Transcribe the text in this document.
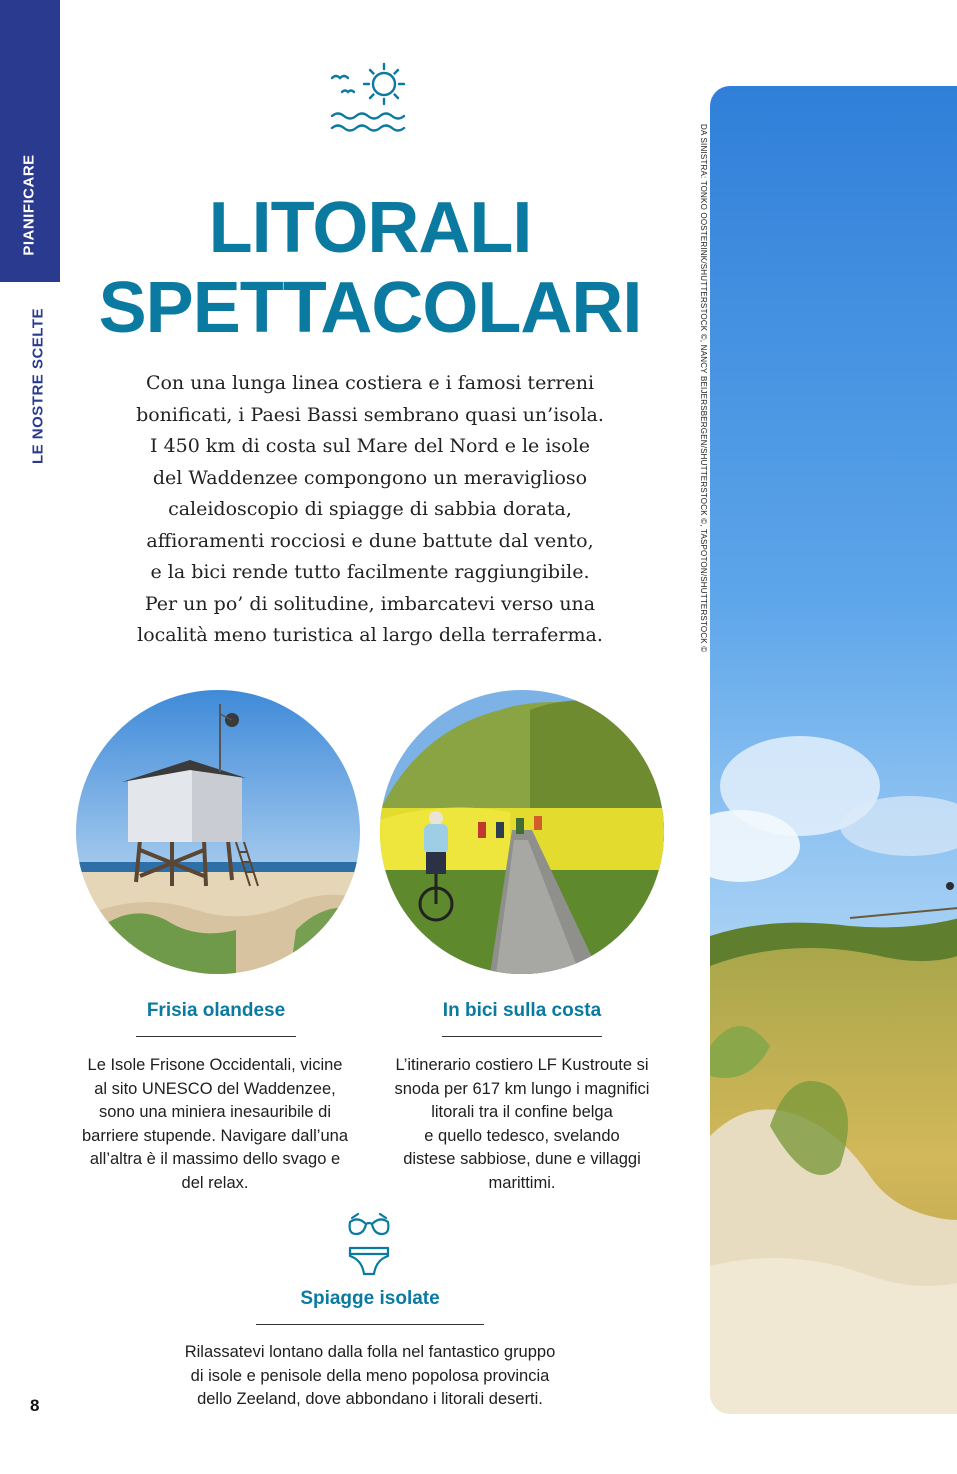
PIANIFICARE
LE NOSTRE SCELTE
LITORALI
SPETTACOLARI

Con una lunga linea costiera e i famosi terreni
bonificati, i Paesi Bassi sembrano quasi un’isola.
I 450 km di costa sul Mare del Nord e le isole
del Waddenzee compongono un meraviglioso
caleidoscopio di spiagge di sabbia dorata,
affioramenti rocciosi e dune battute dal vento,
e la bici rende tutto facilmente raggiungibile.
Per un po’ di solitudine, imbarcatevi verso una
località meno turistica al largo della terraferma.

Frisia olandese

Le Isole Frisone Occidentali, vicine
al sito UNESCO del Waddenzee,
sono una miniera inesauribile di
barriere stupende. Navigare dall’una
all’altra è il massimo dello svago e
del relax.

In bici sulla costa

L’itinerario costiero LF Kustroute si
snoda per 617 km lungo i magnifici
litorali tra il confine belga
e quello tedesco, svelando
distese sabbiose, dune e villaggi
marittimi.

Spiagge isolate

Rilassatevi lontano dalla folla nel fantastico gruppo
di isole e penisole della meno popolosa provincia
dello Zeeland, dove abbondano i litorali deserti.

8
DA SINISTRA: TONKO OOSTERINK/SHUTTERSTOCK ©, NANCY BEIJERSBERGEN/SHUTTERSTOCK ©, TASPOTON/SHUTTERSTOCK ©
